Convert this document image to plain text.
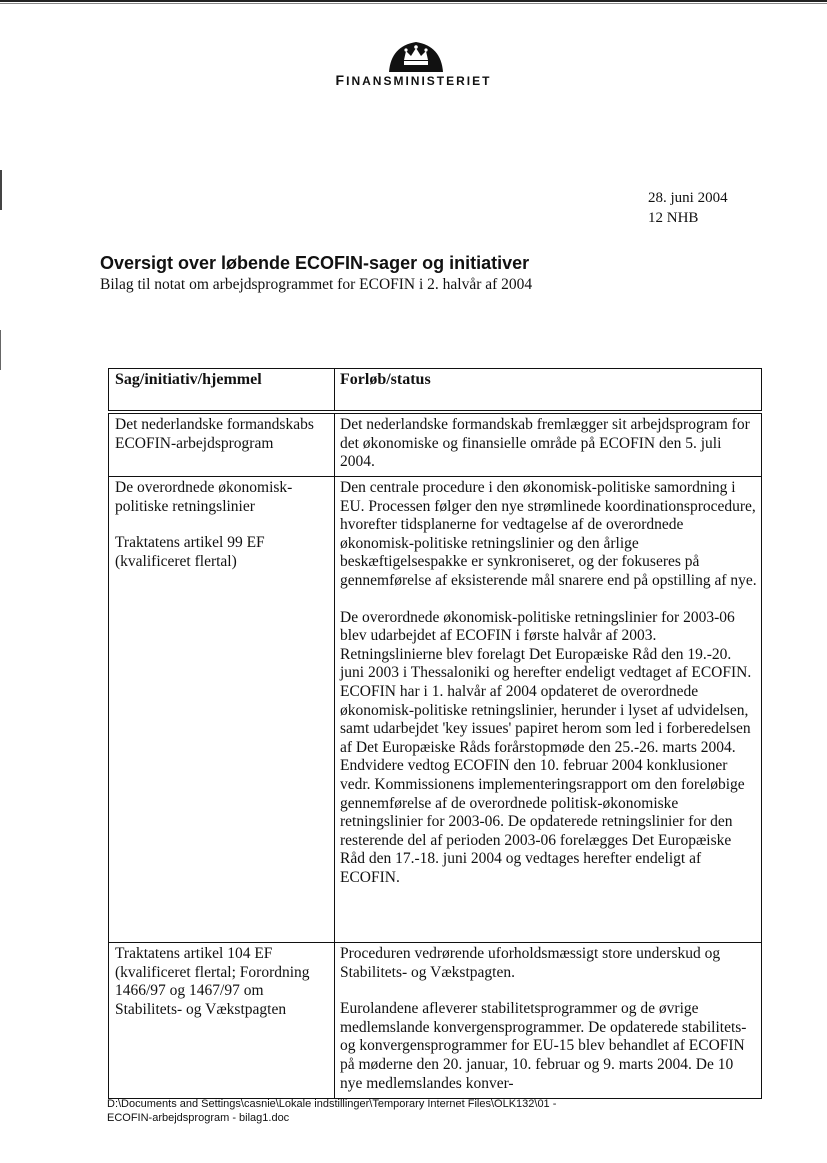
FINANSMINISTERIET
28. juni 2004
12 NHB
Oversigt over løbende ECOFIN-sager og initiativer
Bilag til notat om arbejdsprogrammet for ECOFIN i 2. halvår af 2004
Sag/initiativ/hjemmel	Forløb/status

Det nederlandske formandskabs ECOFIN-arbejdsprogram

Det nederlandske formandskab fremlægger sit arbejdsprogram for det økonomiske og finansielle område på ECOFIN den 5. juli 2004.

De overordnede økonomisk-politiske retningslinier

Traktatens artikel 99 EF (kvalificeret flertal)

Den centrale procedure i den økonomisk-politiske samordning i EU. Processen følger den nye strømlinede koordinationsprocedure, hvorefter tidsplanerne for vedtagelse af de overordnede økonomisk-politiske retningslinier og den årlige beskæftigelsespakke er synkroniseret, og der fokuseres på gennemførelse af eksisterende mål snarere end på opstilling af nye.

De overordnede økonomisk-politiske retningslinier for 2003-06 blev udarbejdet af ECOFIN i første halvår af 2003. Retningslinierne blev forelagt Det Europæiske Råd den 19.-20. juni 2003 i Thessaloniki og herefter endeligt vedtaget af ECOFIN. ECOFIN har i 1. halvår af 2004 opdateret de overordnede økonomisk-politiske retningslinier, herunder i lyset af udvidelsen, samt udarbejdet 'key issues' papiret herom som led i forberedelsen af Det Europæiske Råds forårstopmøde den 25.-26. marts 2004. Endvidere vedtog ECOFIN den 10. februar 2004 konklusioner vedr. Kommissionens implementeringsrapport om den foreløbige gennemførelse af de overordnede politisk-økonomiske retningslinier for 2003-06. De opdaterede retningslinier for den resterende del af perioden 2003-06 forelægges Det Europæiske Råd den 17.-18. juni 2004 og vedtages herefter endeligt af ECOFIN.

Traktatens artikel 104 EF (kvalificeret flertal; Forordning 1466/97 og 1467/97 om Stabilitets- og Vækstpagten

Proceduren vedrørende uforholdsmæssigt store underskud og Stabilitets- og Vækstpagten.

Eurolandene afleverer stabilitetsprogrammer og de øvrige medlemslande konvergensprogrammer. De opdaterede stabilitets- og konvergensprogrammer for EU-15 blev behandlet af ECOFIN på møderne den 20. januar, 10. februar og 9. marts 2004. De 10 nye medlemslandes konver-

D:\Documents and Settings\casnie\Lokale indstillinger\Temporary Internet Files\OLK132\01 -
ECOFIN-arbejdsprogram - bilag1.doc
